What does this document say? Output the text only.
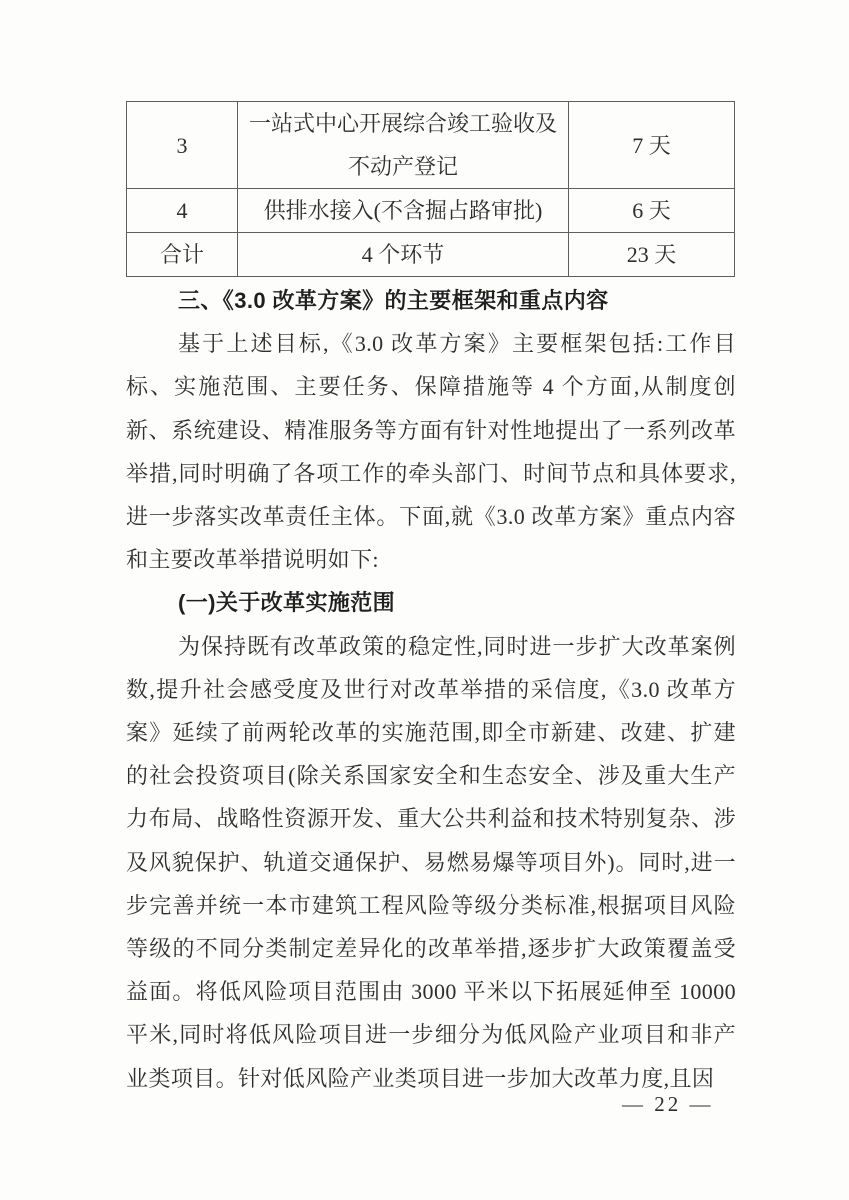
3	一站式中心开展综合竣工验收及不动产登记	7 天
4	供排水接入(不含掘占路审批)	6 天
合计	4 个环节	23 天
三、《3.0 改革方案》的主要框架和重点内容

基于上述目标,《3.0 改革方案》主要框架包括:工作目标、实施范围、主要任务、保障措施等 4 个方面,从制度创新、系统建设、精准服务等方面有针对性地提出了一系列改革举措,同时明确了各项工作的牵头部门、时间节点和具体要求,进一步落实改革责任主体。下面,就《3.0 改革方案》重点内容和主要改革举措说明如下:

(一)关于改革实施范围

为保持既有改革政策的稳定性,同时进一步扩大改革案例数,提升社会感受度及世行对改革举措的采信度,《3.0 改革方案》延续了前两轮改革的实施范围,即全市新建、改建、扩建的社会投资项目(除关系国家安全和生态安全、涉及重大生产力布局、战略性资源开发、重大公共利益和技术特别复杂、涉及风貌保护、轨道交通保护、易燃易爆等项目外)。同时,进一步完善并统一本市建筑工程风险等级分类标准,根据项目风险等级的不同分类制定差异化的改革举措,逐步扩大政策覆盖受益面。将低风险项目范围由 3000 平米以下拓展延伸至 10000 平米,同时将低风险项目进一步细分为低风险产业项目和非产业类项目。针对低风险产业类项目进一步加大改革力度,且因

— 22 —
